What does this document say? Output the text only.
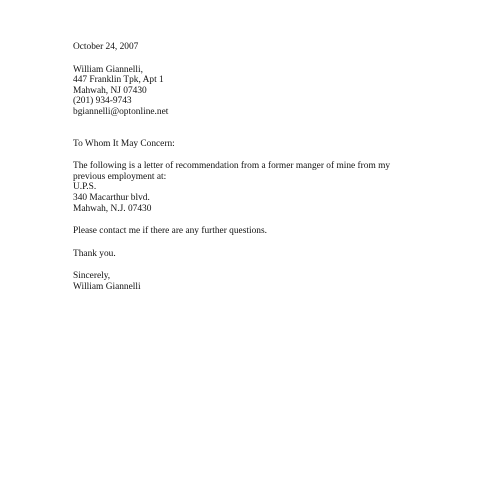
October 24, 2007
William Giannelli,
447 Franklin Tpk, Apt 1
Mahwah, NJ 07430
(201) 934-9743
bgiannelli@optonline.net
To Whom It May Concern:
The following is a letter of recommendation from a former manger of mine from my
previous employment at:
U.P.S.
340 Macarthur blvd.
Mahwah, N.J. 07430
Please contact me if there are any further questions.
Thank you.
Sincerely,
William Giannelli
